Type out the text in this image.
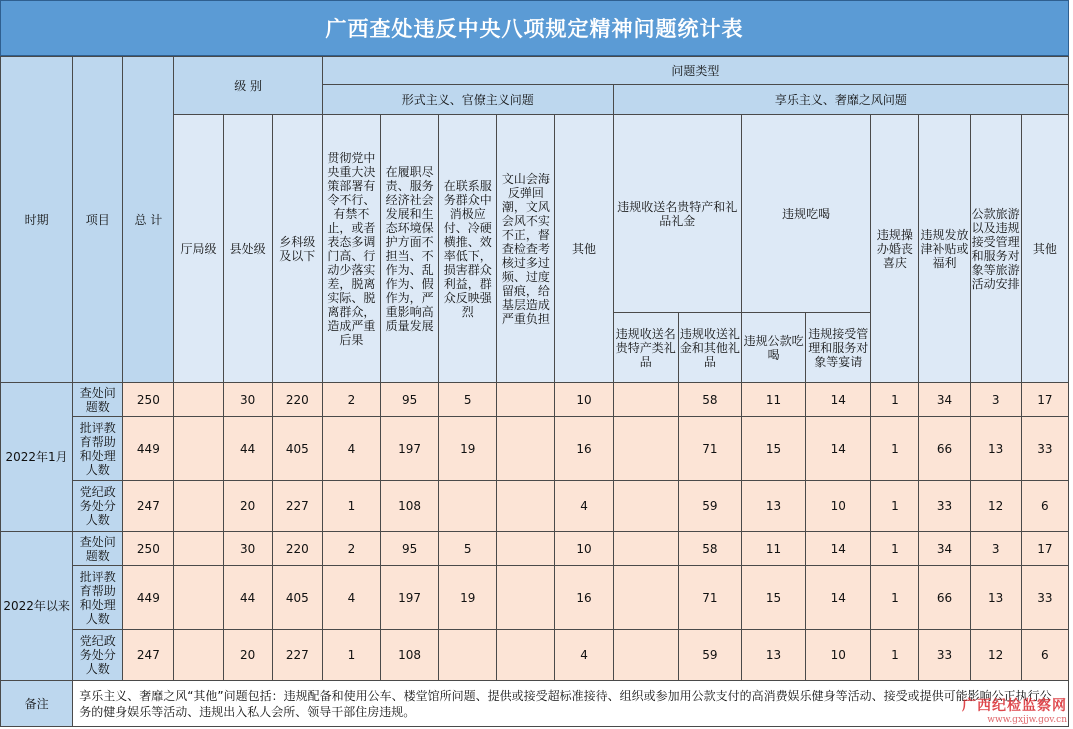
广西查处违反中央八项规定精神问题统计表
时期	项目	总 计	级 别			问题类型												
						形式主义、官僚主义问题					享乐主义、奢靡之风问题							
			厅局级	县处级	乡科级及以下	贯彻党中央重大决策部署有令不行、有禁不止，或者表态多调门高、行动少落实差，脱离实际、脱离群众，造成严重后果	在履职尽责、服务经济社会发展和生态环境保护方面不担当、不作为、乱作为、假作为，严重影响高质量发展	在联系服务群众中消极应付、冷硬横推、效率低下，损害群众利益，群众反映强烈	文山会海反弹回潮，文风会风不实不正，督查检查考核过多过频、过度留痕，给基层造成严重负担	其他	违规收送名贵特产和礼品礼金		违规吃喝		违规操办婚丧喜庆	违规发放津补贴或福利	公款旅游以及违规接受管理和服务对象等旅游活动安排	其他
											违规收送名贵特产类礼品	违规收送礼金和其他礼品	违规公款吃喝	违规接受管理和服务对象等宴请				
2022年1月	查处问题数	250		30	220	2	95	5		10		58	11	14	1	34	3	17
	批评教育帮助和处理人数	449		44	405	4	197	19		16		71	15	14	1	66	13	33
	党纪政务处分人数	247		20	227	1	108			4		59	13	10	1	33	12	6
2022年以来	查处问题数	250		30	220	2	95	5		10		58	11	14	1	34	3	17
	批评教育帮助和处理人数	449		44	405	4	197	19		16		71	15	14	1	66	13	33
	党纪政务处分人数	247		20	227	1	108			4		59	13	10	1	33	12	6
备注	享乐主义、奢靡之风“其他”问题包括：违规配备和使用公车、楼堂馆所问题、提供或接受超标准接待、组织或参加用公款支付的高消费娱乐健身等活动、接受或提供可能影响公正执行公务的健身娱乐等活动、违规出入私人会所、领导干部住房违规。																		广西纪检监察网
www.gxjjw.gov.cn
